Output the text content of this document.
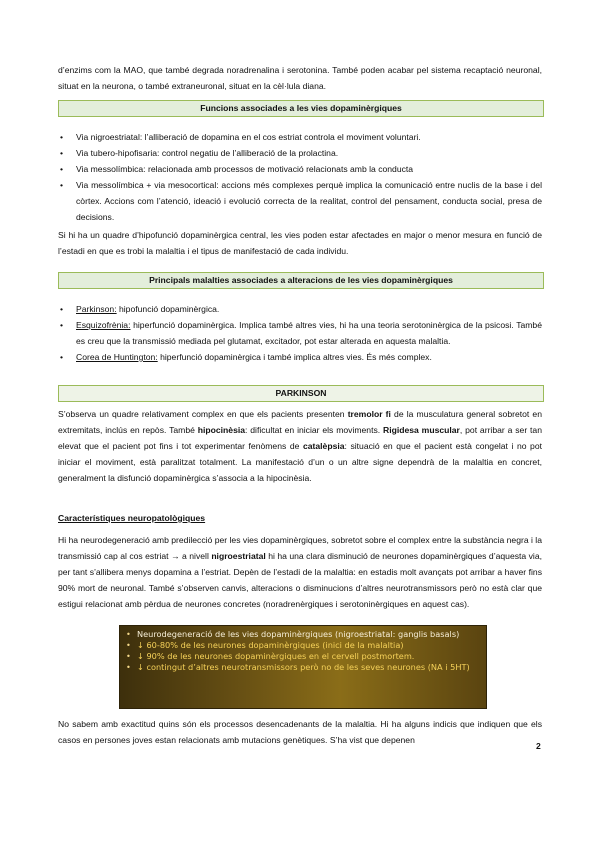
d’enzims com la MAO, que també degrada noradrenalina i serotonina. També poden acabar pel sistema recaptació neuronal, situat en la neurona, o també extraneuronal, situat en la cèl·lula diana.

Funcions associades a les vies dopaminèrgiques
• Via nigroestriatal: l’alliberació de dopamina en el cos estriat controla el moviment voluntari.
• Via tubero-hipofisaria: control negatiu de l’alliberació de la prolactina.
• Via messolímbica: relacionada amb processos de motivació relacionats amb la conducta
• Via messolímbica + via mesocortical: accions més complexes perquè implica la comunicació entre nuclis de la base i del còrtex. Accions com l’atenció, ideació i evolució correcta de la realitat, control del pensament, conducta social, presa de decisions.

Si hi ha un quadre d’hipofunció dopaminèrgica central, les vies poden estar afectades en major o menor mesura en funció de l’estadi en que es trobi la malaltia i el tipus de manifestació de cada individu.

Principals malalties associades a alteracions de les vies dopaminèrgiques
• Parkinson: hipofunció dopaminèrgica.
• Esquizofrènia: hiperfunció dopaminèrgica. Implica també altres vies, hi ha una teoria serotoninèrgica de la psicosi. També es creu que la transmissió mediada pel glutamat, excitador, pot estar alterada en aquesta malaltia.
• Corea de Huntington: hiperfunció dopaminèrgica i també implica altres vies. És més complex.
PARKINSON

S’observa un quadre relativament complex en que els pacients presenten tremolor fi de la musculatura general sobretot en extremitats, inclús en repòs. També hipocinèsia: dificultat en iniciar els moviments. Rigidesa muscular, pot arribar a ser tan elevat que el pacient pot fins i tot experimentar fenòmens de catalèpsia: situació en que el pacient està congelat i no pot iniciar el moviment, està paralitzat totalment. La manifestació d’un o un altre signe dependrà de la malaltia en concret, generalment la disfunció dopaminèrgica s’associa a la hipocinèsia.

Característiques neuropatològiques

Hi ha neurodegeneració amb predilecció per les vies dopaminèrgiques, sobretot sobre el complex entre la substància negra i la transmissió cap al cos estriat → a nivell nigroestriatal hi ha una clara disminució de neurones dopaminèrgiques d’aquesta via, per tant s’allibera menys dopamina a l’estriat. Depèn de l’estadi de la malaltia: en estadis molt avançats pot arribar a haver fins 90% mort de neuronal. També s’observen canvis, alteracions o disminucions d’altres neurotransmissors però no està clar que estigui relacionat amb pèrdua de neurones concretes (noradrenèrgiques i serotoninèrgiques en aquest cas).

• Neurodegeneració de les vies dopaminèrgiques (nigroestriatal: ganglis basals)
• ↓ 60-80% de les neurones dopaminèrgiques (inici de la malaltia)
• ↓ 90% de les neurones dopaminèrgiques en el cervell postmortem.
• ↓ contingut d’altres neurotransmissors però no de les seves neurones (NA i 5HT)

No sabem amb exactitud quins són els processos desencadenants de la malaltia. Hi ha alguns indicis que indiquen que els casos en persones joves estan relacionats amb mutacions genètiques. S’ha vist que depenen

2
